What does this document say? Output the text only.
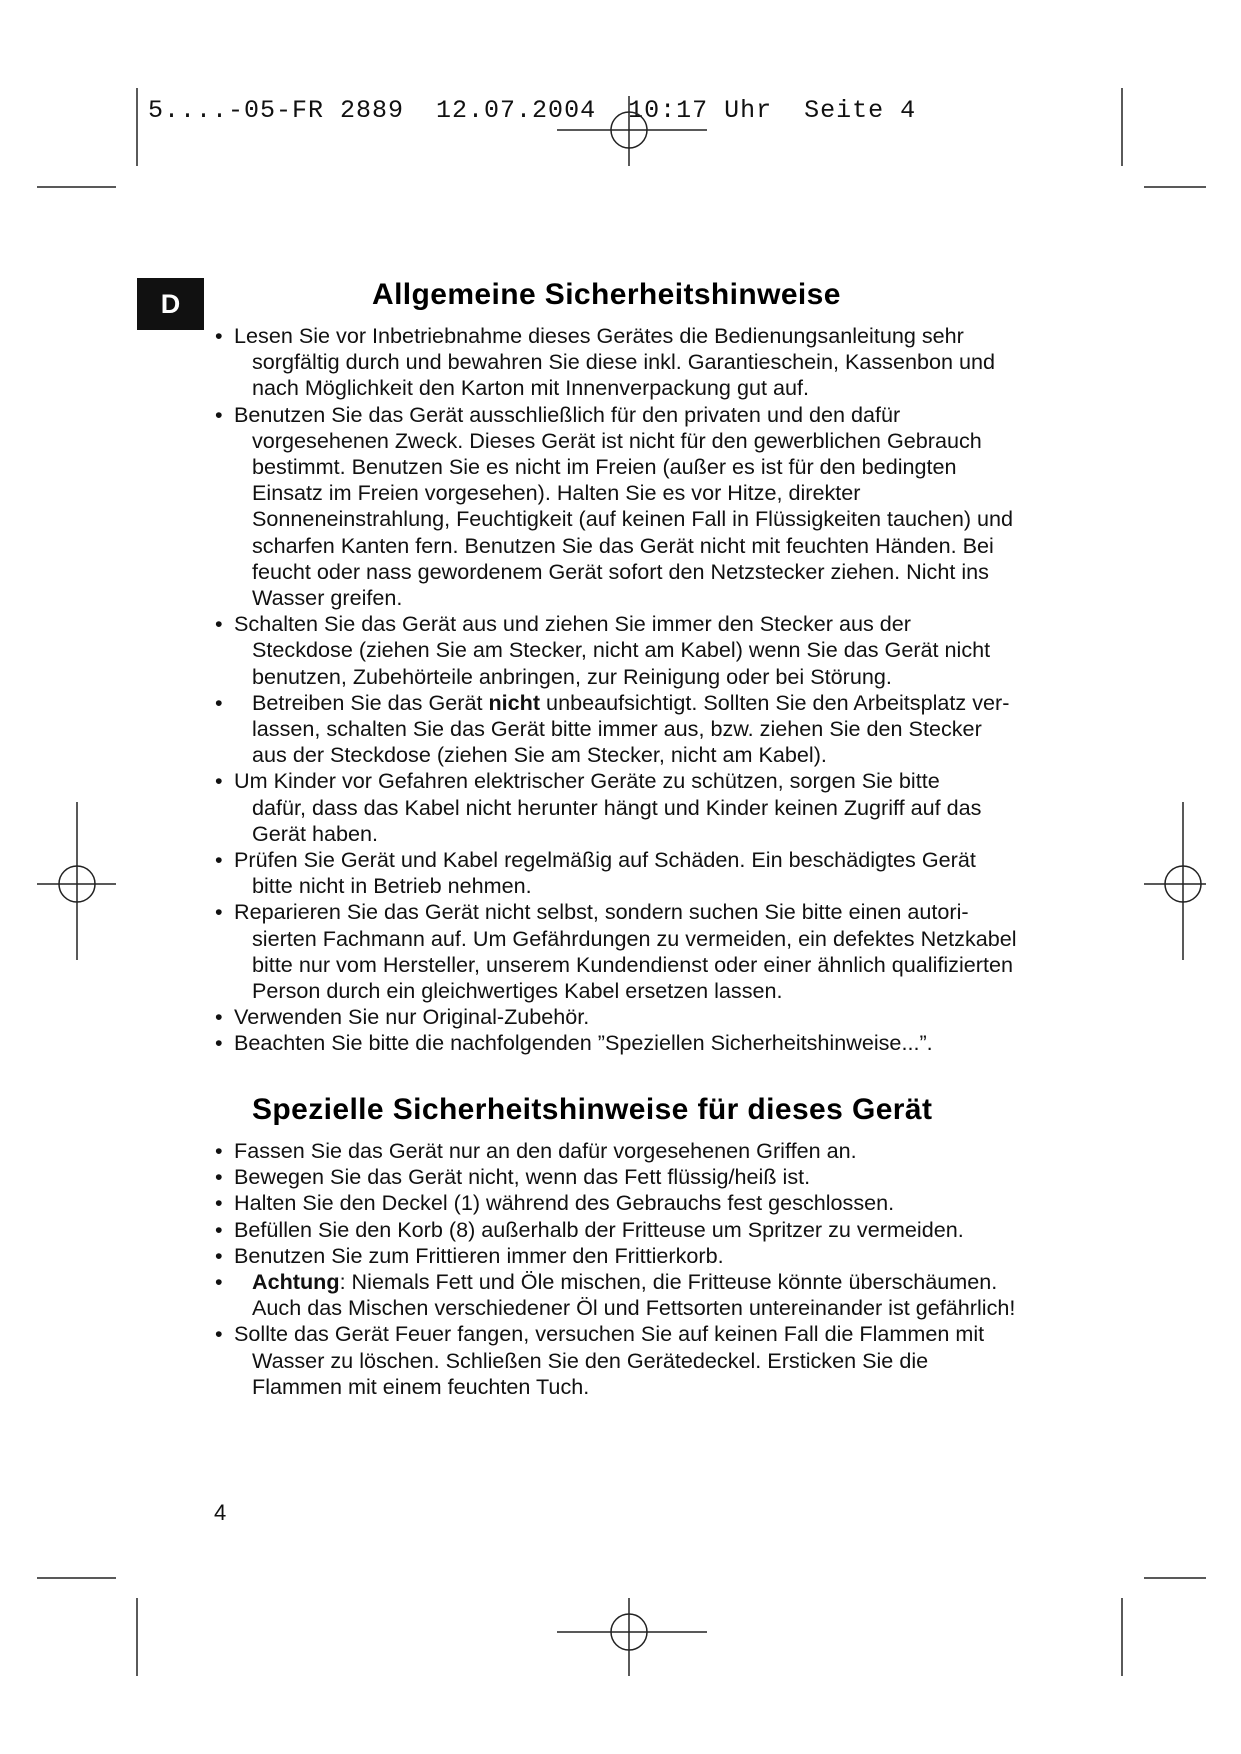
5....-05-FR 2889  12.07.2004  10:17 Uhr  Seite 4
D	Allgemeine Sicherheitshinweise
• Lesen Sie vor Inbetriebnahme dieses Gerätes die Bedienungsanleitung sehr
sorgfältig durch und bewahren Sie diese inkl. Garantieschein, Kassenbon und
nach Möglichkeit den Karton mit Innenverpackung gut auf.
• Benutzen Sie das Gerät ausschließlich für den privaten und den dafür
vorgesehenen Zweck. Dieses Gerät ist nicht für den gewerblichen Gebrauch
bestimmt. Benutzen Sie es nicht im Freien (außer es ist für den bedingten
Einsatz im Freien vorgesehen). Halten Sie es vor Hitze, direkter
Sonneneinstrahlung, Feuchtigkeit (auf keinen Fall in Flüssigkeiten tauchen) und
scharfen Kanten fern. Benutzen Sie das Gerät nicht mit feuchten Händen. Bei
feucht oder nass gewordenem Gerät sofort den Netzstecker ziehen. Nicht ins
Wasser greifen.
• Schalten Sie das Gerät aus und ziehen Sie immer den Stecker aus der
Steckdose (ziehen Sie am Stecker, nicht am Kabel) wenn Sie das Gerät nicht
benutzen, Zubehörteile anbringen, zur Reinigung oder bei Störung.
• Betreiben Sie das Gerät nicht unbeaufsichtigt. Sollten Sie den Arbeitsplatz ver-
lassen, schalten Sie das Gerät bitte immer aus, bzw. ziehen Sie den Stecker
aus der Steckdose (ziehen Sie am Stecker, nicht am Kabel).
• Um Kinder vor Gefahren elektrischer Geräte zu schützen, sorgen Sie bitte
dafür, dass das Kabel nicht herunter hängt und Kinder keinen Zugriff auf das
Gerät haben.
• Prüfen Sie Gerät und Kabel regelmäßig auf Schäden. Ein beschädigtes Gerät
bitte nicht in Betrieb nehmen.
• Reparieren Sie das Gerät nicht selbst, sondern suchen Sie bitte einen autori-
sierten Fachmann auf. Um Gefährdungen zu vermeiden, ein defektes Netzkabel
bitte nur vom Hersteller, unserem Kundendienst oder einer ähnlich qualifizierten
Person durch ein gleichwertiges Kabel ersetzen lassen.
• Verwenden Sie nur Original-Zubehör.
• Beachten Sie bitte die nachfolgenden ”Speziellen Sicherheitshinweise...”.
Spezielle Sicherheitshinweise für dieses Gerät
• Fassen Sie das Gerät nur an den dafür vorgesehenen Griffen an.
• Bewegen Sie das Gerät nicht, wenn das Fett flüssig/heiß ist.
• Halten Sie den Deckel (1) während des Gebrauchs fest geschlossen.
• Befüllen Sie den Korb (8) außerhalb der Fritteuse um Spritzer zu vermeiden.
• Benutzen Sie zum Frittieren immer den Frittierkorb.
• Achtung: Niemals Fett und Öle mischen, die Fritteuse könnte überschäumen.
Auch das Mischen verschiedener Öl und Fettsorten untereinander ist gefährlich!
• Sollte das Gerät Feuer fangen, versuchen Sie auf keinen Fall die Flammen mit
Wasser zu löschen. Schließen Sie den Gerätedeckel. Ersticken Sie die
Flammen mit einem feuchten Tuch.
4
